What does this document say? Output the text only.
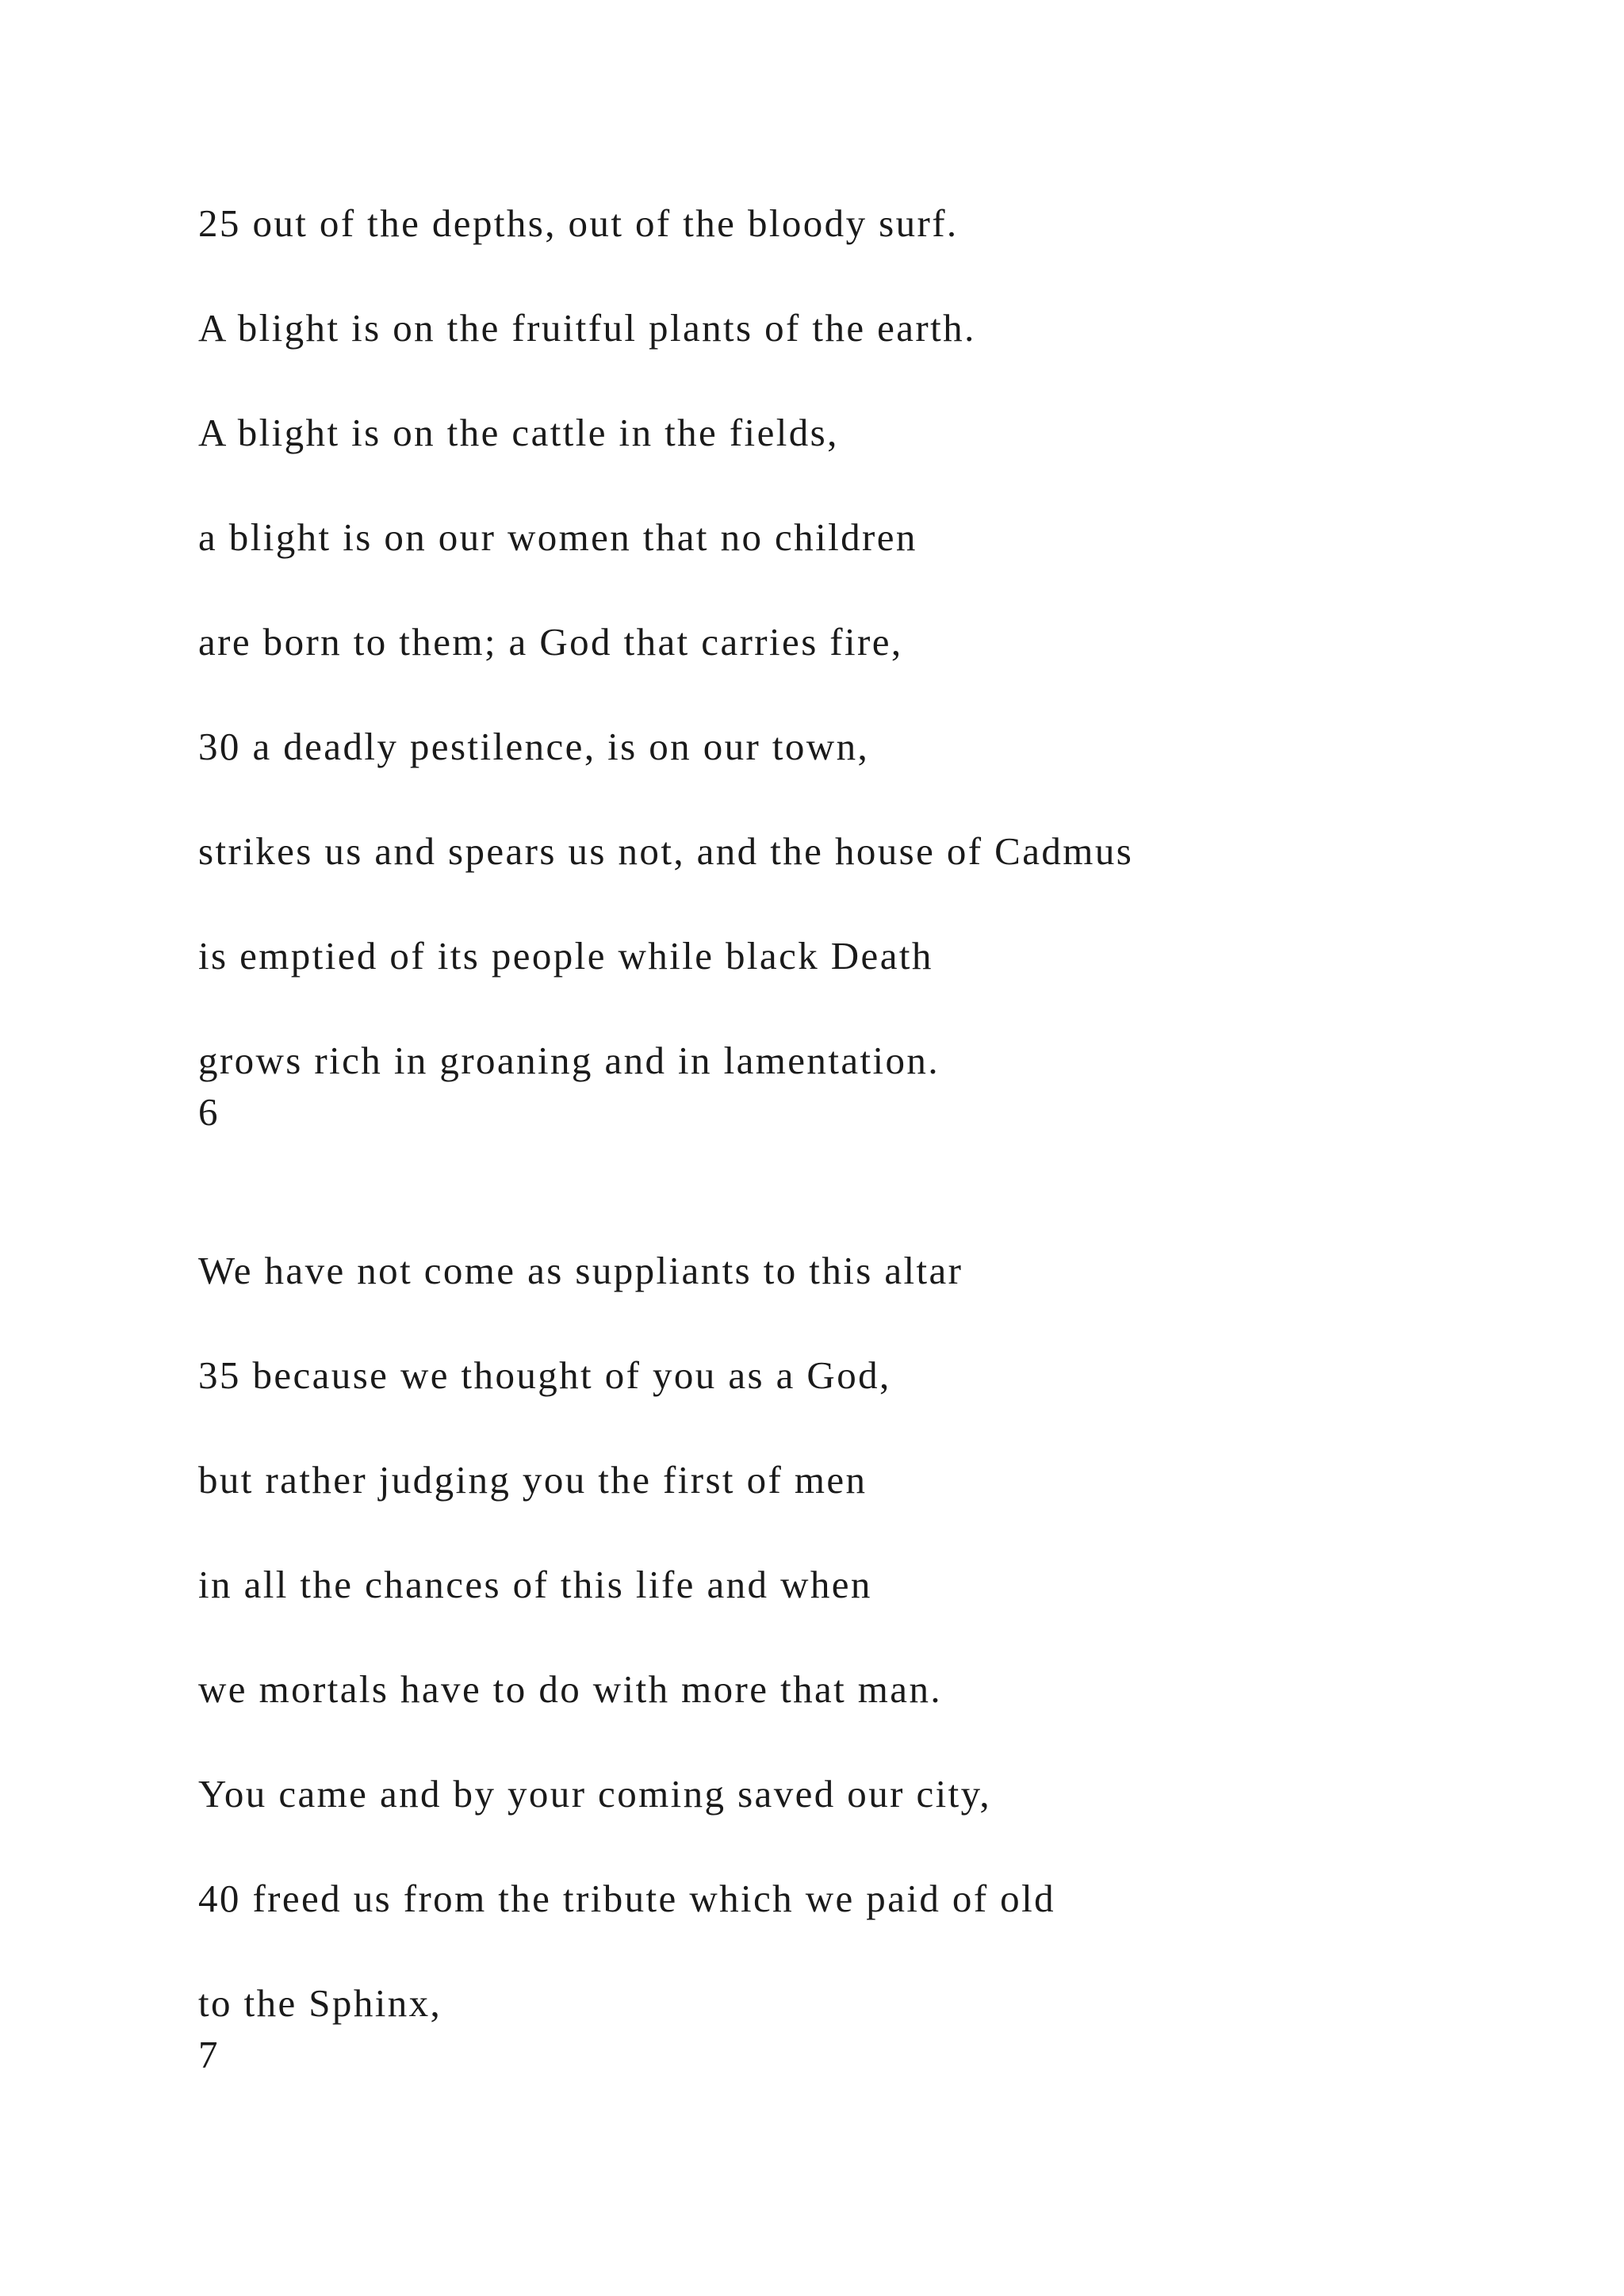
25 out of the depths, out of the bloody surf.
A blight is on the fruitful plants of the earth.
A blight is on the cattle in the fields,
a blight is on our women that no children
are born to them; a God that carries fire,
30 a deadly pestilence, is on our town,
strikes us and spears us not, and the house of Cadmus
is emptied of its people while black Death
grows rich in groaning and in lamentation.
6
We have not come as suppliants to this altar
35 because we thought of you as a God,
but rather judging you the first of men
in all the chances of this life and when
we mortals have to do with more that man.
You came and by your coming saved our city,
40 freed us from the tribute which we paid of old
to the Sphinx,
7
